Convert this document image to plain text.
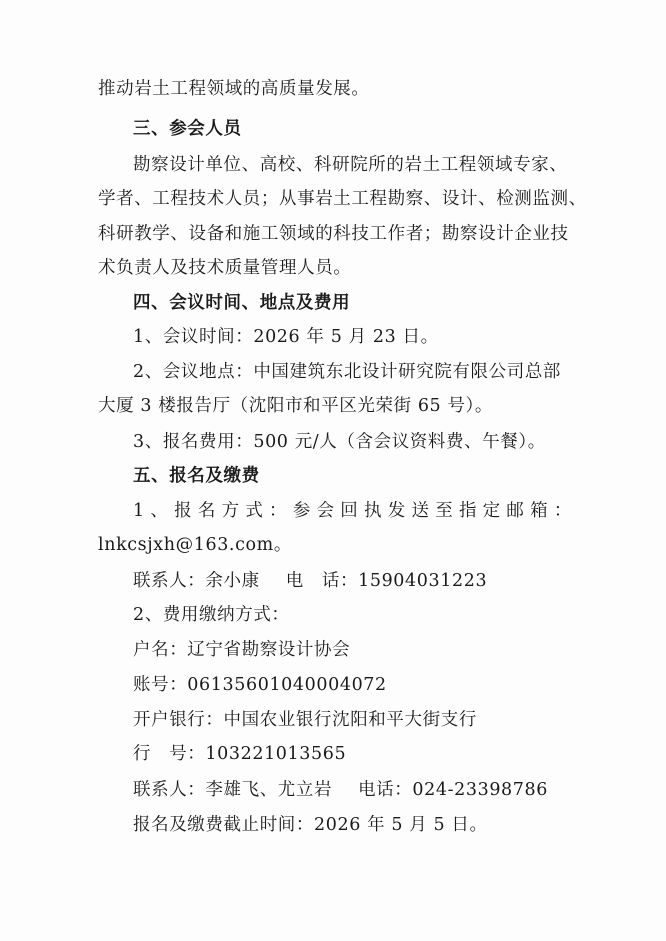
推动岩土工程领域的高质量发展。
三、参会人员
勘察设计单位、高校、科研院所的岩土工程领域专家、
学者、工程技术人员；从事岩土工程勘察、设计、检测监测、
科研教学、设备和施工领域的科技工作者；勘察设计企业技
术负责人及技术质量管理人员。
四、会议时间、地点及费用
1、会议时间：2026 年 5 月 23 日。
2、会议地点：中国建筑东北设计研究院有限公司总部
大厦 3 楼报告厅（沈阳市和平区光荣街 65 号）。
3、报名费用：500 元/人（含会议资料费、午餐）。
五、报名及缴费
1、报名方式：参会回执发送至指定邮箱：
lnkcsjxh@163.com。
联系人：余小康 电　话：15904031223
2、费用缴纳方式：
户名：辽宁省勘察设计协会
账号：06135601040004072
开户银行：中国农业银行沈阳和平大街支行
行　号：103221013565
联系人：李雄飞、尤立岩 电话：024-23398786
报名及缴费截止时间：2026 年 5 月 5 日。
